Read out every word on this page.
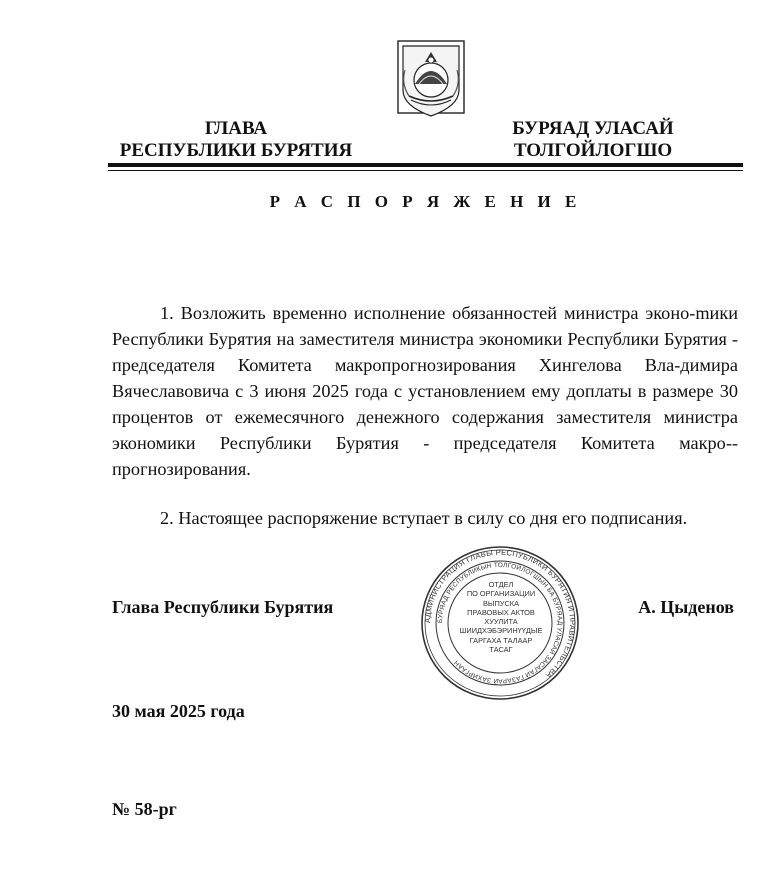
ГЛАВА
РЕСПУБЛИКИ БУРЯТИЯ
БУРЯАД УЛАСАЙ
ТОЛГОЙЛОГШО
Р А С П О Р Я Ж Е Н И Е
1. Возложить временно исполнение обязанностей министра эконо-mики Республики Бурятия на заместителя министра экономики Республики Бурятия - председателя Комитета макропрогнозирования Хингелова Вла-димира Вячеславовича с 3 июня 2025 года с установлением ему доплаты в размере 30 процентов от ежемесячного денежного содержания заместителя министра экономики Республики Бурятия - председателя Комитета макро-прогнозирования.
2. Настоящее распоряжение вступает в силу со дня его подписания.
Глава Республики Бурятия	А. Цыденов
АДМИНИСТРАЦИЯ ГЛАВЫ РЕСПУБЛИКИ БУРЯТИЯ И ПРАВИТЕЛЬСТВА
БУРЯАД РЕСПУБЛИКЫН ТОЛГОЙЛОГШЫН БА БУРЯАД УЛАСАЙ ЗАСАГАЙ ГАЗАРАЙ ЗАХИРГААН
ОТДЕЛ
ПО ОРГАНИЗАЦИИ
ВЫПУСКА
ПРАВОВЫХ АКТОВ
ХУУЛИТА
ШИИДХЭБЭРИНҮҮДЫЕ
ГАРГАХА ТАЛААР
ТАСАГ
30 мая 2025 года
№ 58-рг
